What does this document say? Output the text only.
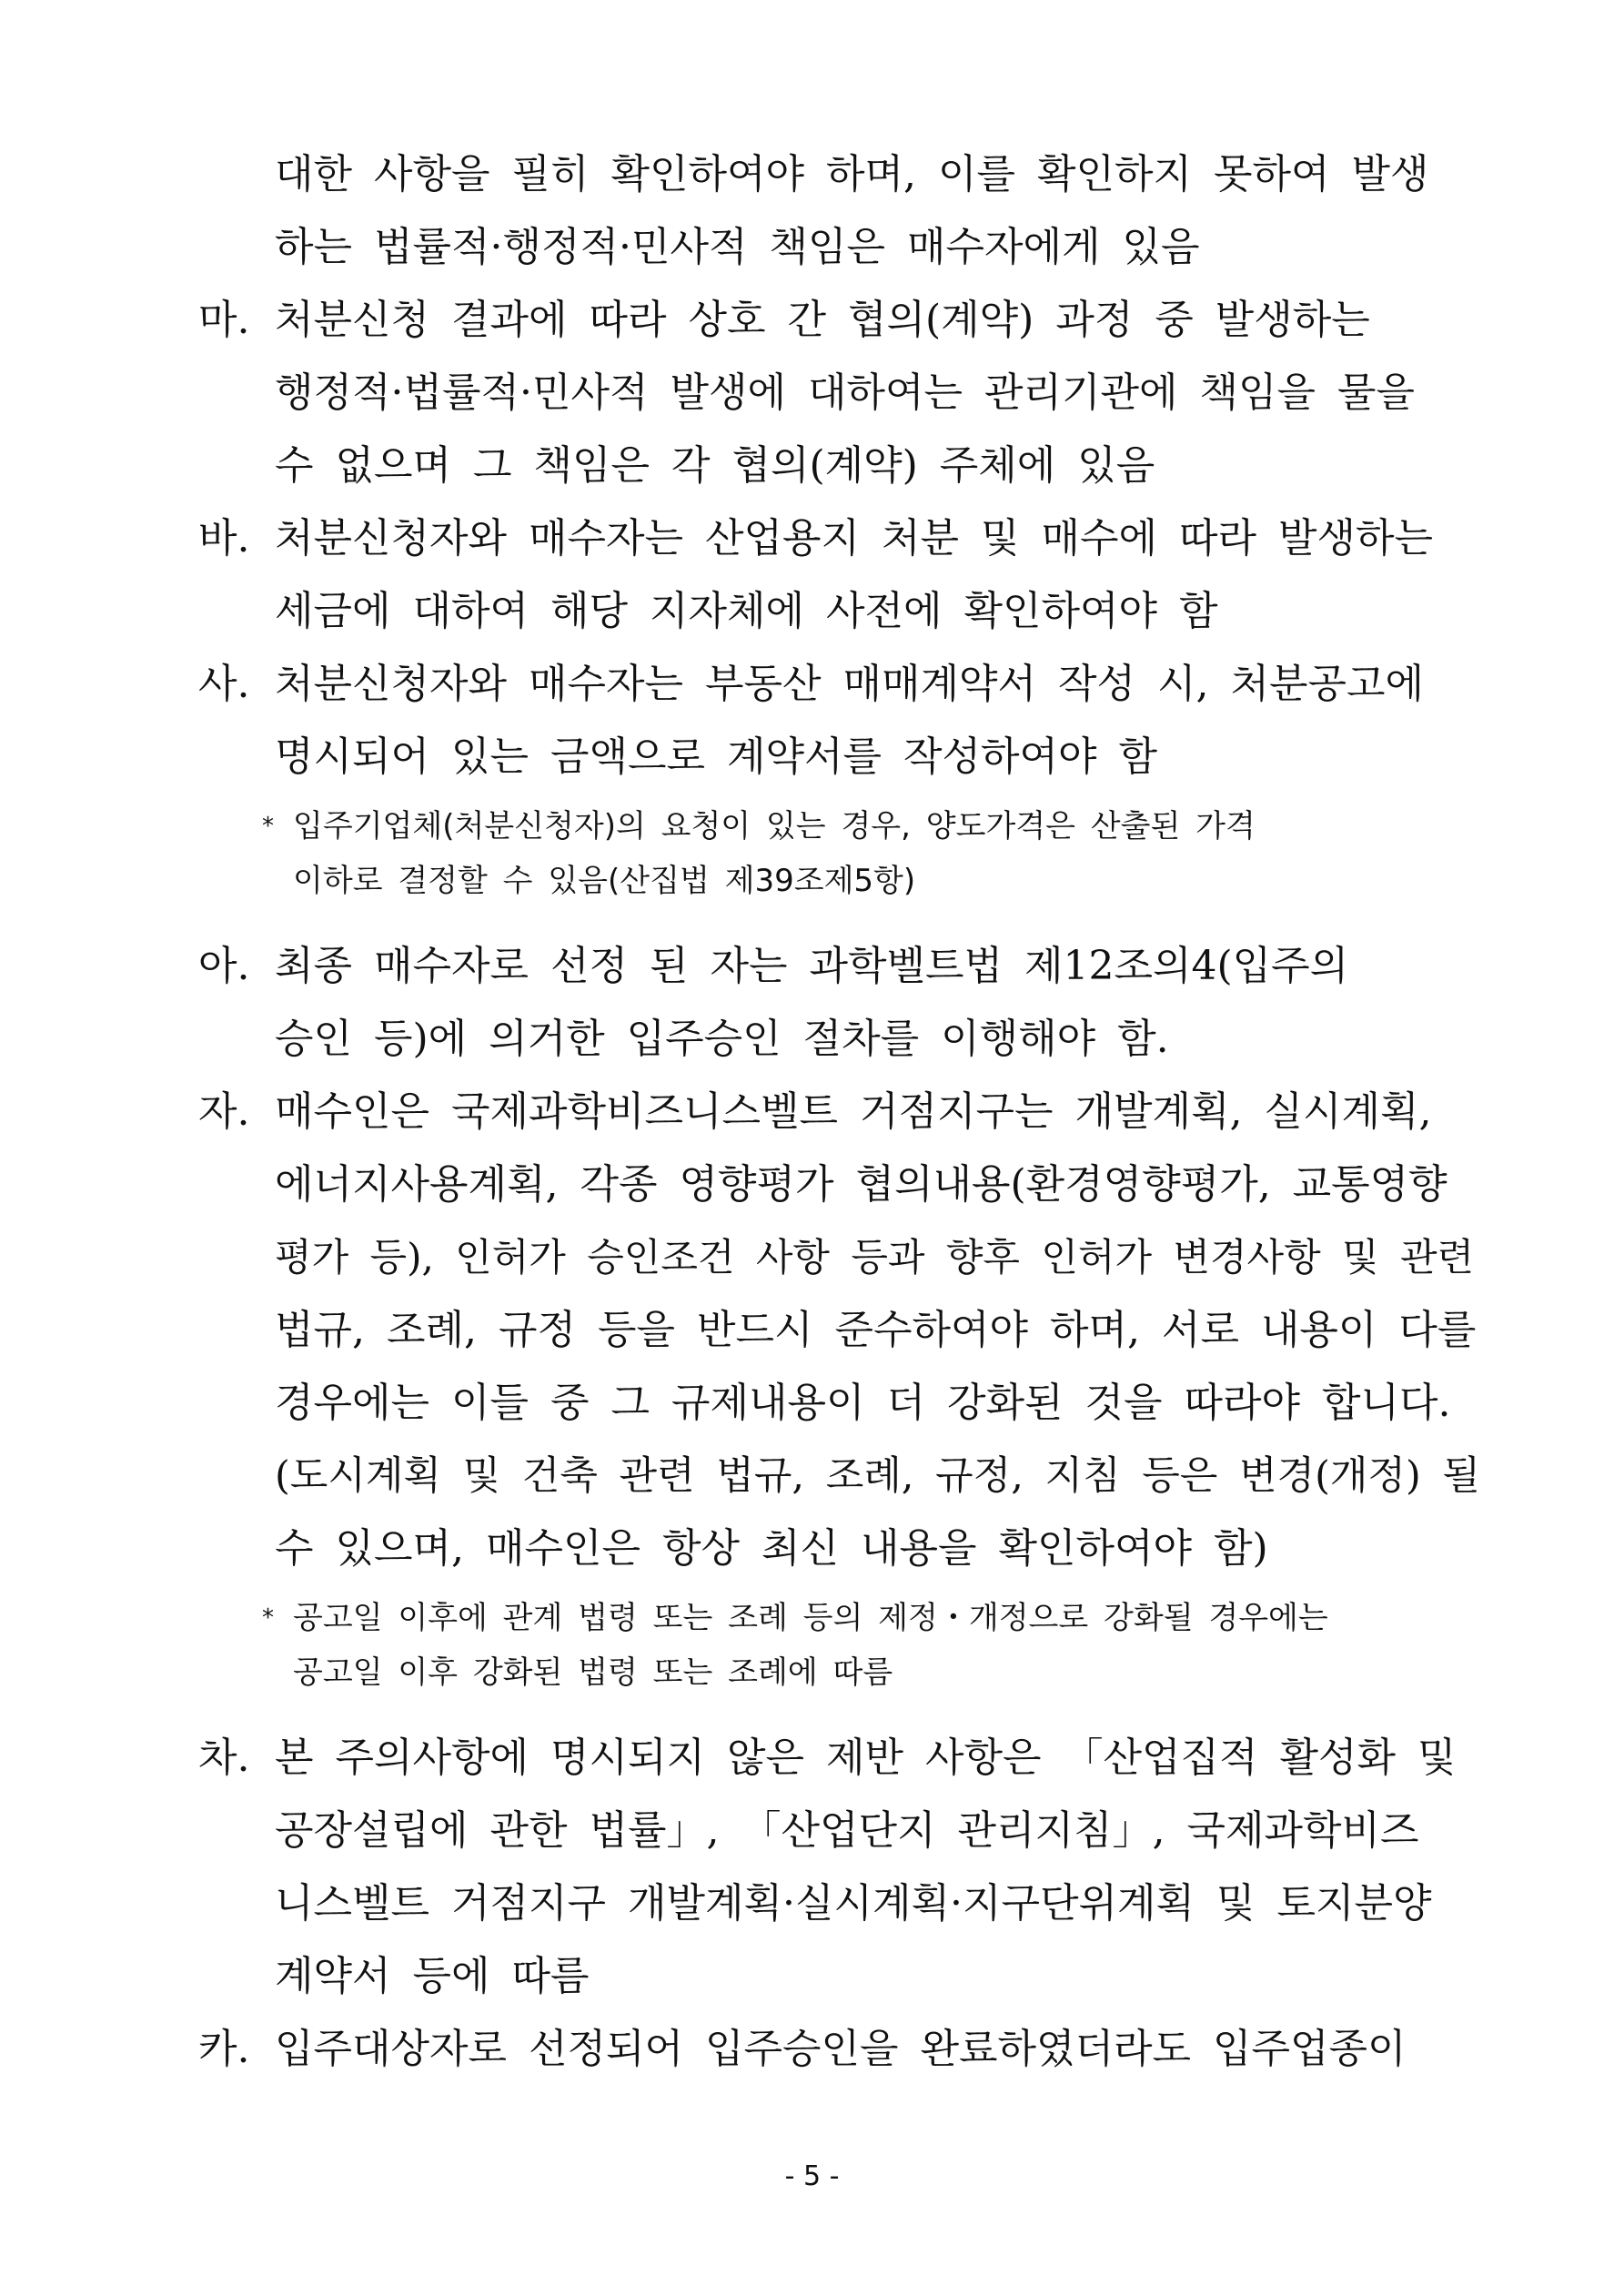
대한 사항을 필히 확인하여야 하며, 이를 확인하지 못하여 발생
하는 법률적·행정적·민사적 책임은 매수자에게 있음
마. 처분신청 결과에 따라 상호 간 협의(계약) 과정 중 발생하는
행정적·법률적·민사적 발생에 대하여는 관리기관에 책임을 물을
수 없으며 그 책임은 각 협의(계약) 주체에 있음
바. 처분신청자와 매수자는 산업용지 처분 및 매수에 따라 발생하는
세금에 대하여 해당 지자체에 사전에 확인하여야 함
사. 처분신청자와 매수자는 부동산 매매계약서 작성 시, 처분공고에
명시되어 있는 금액으로 계약서를 작성하여야 함
* 입주기업체(처분신청자)의 요청이 있는 경우, 양도가격은 산출된 가격
이하로 결정할 수 있음(산집법 제39조제5항)
아. 최종 매수자로 선정 된 자는 과학벨트법 제12조의4(입주의
승인 등)에 의거한 입주승인 절차를 이행해야 함.
자. 매수인은 국제과학비즈니스벨트 거점지구는 개발계획, 실시계획,
에너지사용계획, 각종 영향평가 협의내용(환경영향평가, 교통영향
평가 등), 인허가 승인조건 사항 등과 향후 인허가 변경사항 및 관련
법규, 조례, 규정 등을 반드시 준수하여야 하며, 서로 내용이 다를
경우에는 이들 중 그 규제내용이 더 강화된 것을 따라야 합니다.
(도시계획 및 건축 관련 법규, 조례, 규정, 지침 등은 변경(개정) 될
수 있으며, 매수인은 항상 최신 내용을 확인하여야 함)
* 공고일 이후에 관계 법령 또는 조례 등의 제정・개정으로 강화될 경우에는
공고일 이후 강화된 법령 또는 조례에 따름
차. 본 주의사항에 명시되지 않은 제반 사항은 「산업집적 활성화 및
공장설립에 관한 법률」, 「산업단지 관리지침」, 국제과학비즈
니스벨트 거점지구 개발계획·실시계획·지구단위계획 및 토지분양
계약서 등에 따름
카. 입주대상자로 선정되어 입주승인을 완료하였더라도 입주업종이
- 5 -
